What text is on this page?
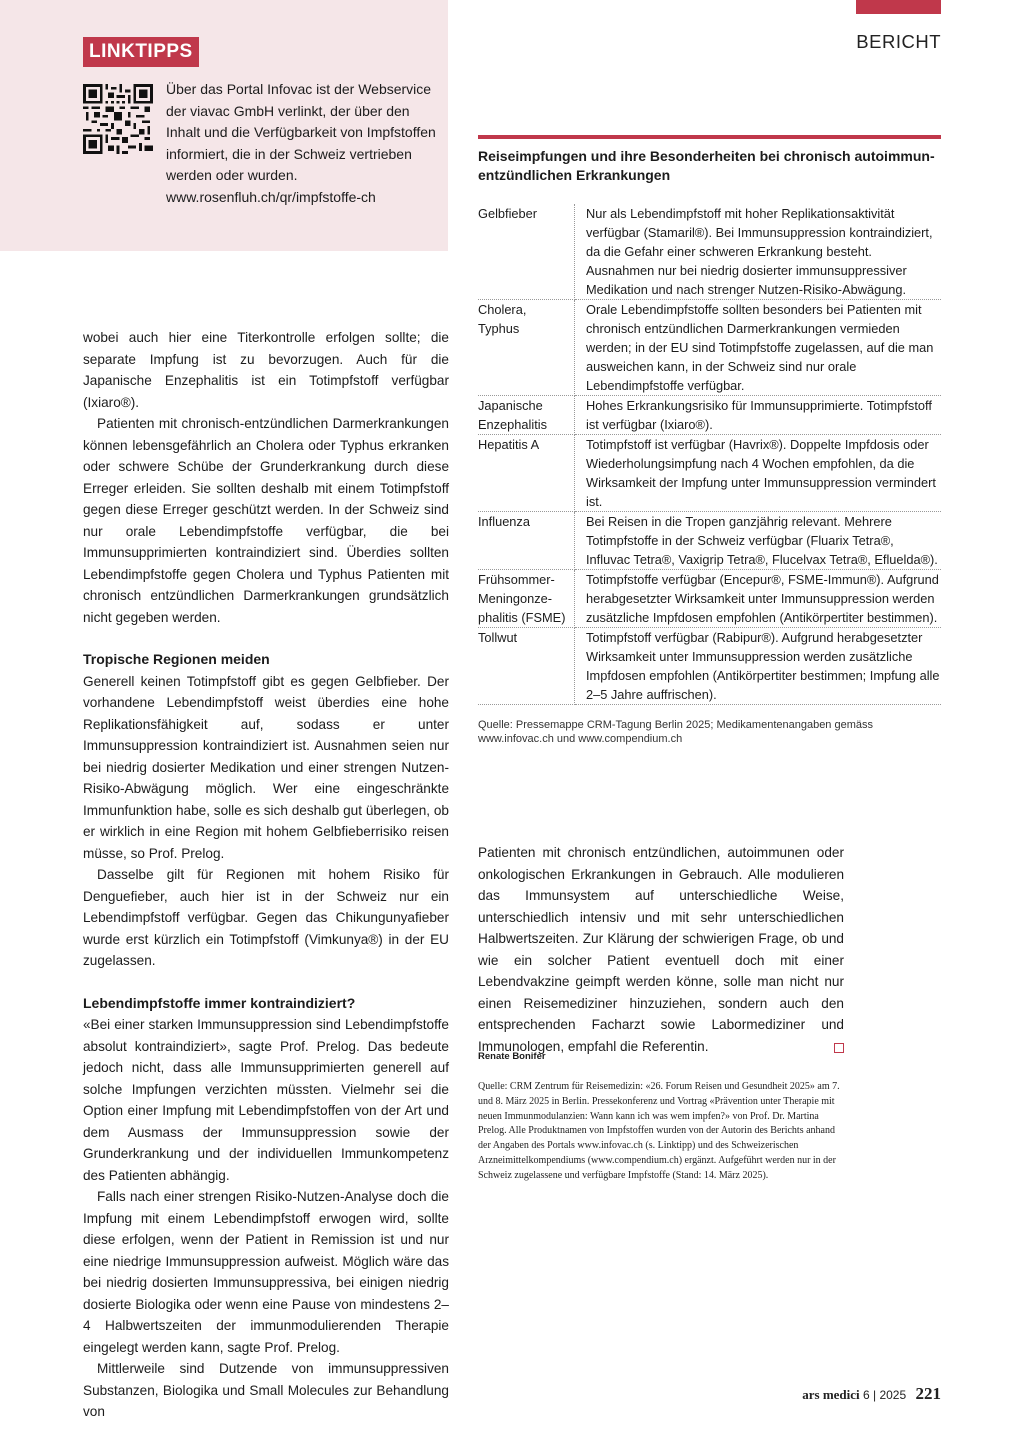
BERICHT
LINKTIPPS

Über das Portal Infovac ist der Webservice der viavac GmbH verlinkt, der über den Inhalt und die Verfügbarkeit von Impfstoffen informiert, die in der Schweiz vertrieben werden oder wurden. www.rosenfluh.ch/qr/impfstoffe-ch

wobei auch hier eine Titerkontrolle erfolgen sollte; die separate Impfung ist zu bevorzugen. Auch für die Japanische Enzephalitis ist ein Totimpfstoff verfügbar (Ixiaro®).

Patienten mit chronisch-entzündlichen Darmerkrankungen können lebensgefährlich an Cholera oder Typhus erkranken oder schwere Schübe der Grunderkrankung durch diese Erreger erleiden. Sie sollten deshalb mit einem Totimpfstoff gegen diese Erreger geschützt werden. In der Schweiz sind nur orale Lebendimpfstoffe verfügbar, die bei Immunsupprimierten kontraindiziert sind. Überdies sollten Lebendimpfstoffe gegen Cholera und Typhus Patienten mit chronisch entzündlichen Darmerkrankungen grundsätzlich nicht gegeben werden.

Tropische Regionen meiden

Generell keinen Totimpfstoff gibt es gegen Gelbfieber. Der vorhandene Lebendimpfstoff weist überdies eine hohe Replikationsfähigkeit auf, sodass er unter Immunsuppression kontraindiziert ist. Ausnahmen seien nur bei niedrig dosierter Medikation und einer strengen Nutzen-Risiko-Abwägung möglich. Wer eine eingeschränkte Immunfunktion habe, solle es sich deshalb gut überlegen, ob er wirklich in eine Region mit hohem Gelbfieberrisiko reisen müsse, so Prof. Prelog.

Dasselbe gilt für Regionen mit hohem Risiko für Denguefieber, auch hier ist in der Schweiz nur ein Lebendimpfstoff verfügbar. Gegen das Chikungunyafieber wurde erst kürzlich ein Totimpfstoff (Vimkunya®) in der EU zugelassen.

Lebendimpfstoffe immer kontraindiziert?

«Bei einer starken Immunsuppression sind Lebendimpfstoffe absolut kontraindiziert», sagte Prof. Prelog. Das bedeute jedoch nicht, dass alle Immunsupprimierten generell auf solche Impfungen verzichten müssten. Vielmehr sei die Option einer Impfung mit Lebendimpfstoffen von der Art und dem Ausmass der Immunsuppression sowie der Grunderkrankung und der individuellen Immunkompetenz des Patienten abhängig.

Falls nach einer strengen Risiko-Nutzen-Analyse doch die Impfung mit einem Lebendimpfstoff erwogen wird, sollte diese erfolgen, wenn der Patient in Remission ist und nur eine niedrige Immunsuppression aufweist. Möglich wäre das bei niedrig dosierten Immunsuppressiva, bei einigen niedrig dosierte Biologika oder wenn eine Pause von mindestens 2–4 Halbwertszeiten der immunmodulierenden Therapie eingelegt werden kann, sagte Prof. Prelog.

Mittlerweile sind Dutzende von immunsuppressiven Substanzen, Biologika und Small Molecules zur Behandlung von

Reiseimpfungen und ihre Besonderheiten bei chronisch autoimmun-entzündlichen Erkrankungen

Gelbfieber	Nur als Lebendimpfstoff mit hoher Replikationsaktivität verfügbar (Stamaril®). Bei Immunsuppression kontraindiziert, da die Gefahr einer schweren Erkrankung besteht. Ausnahmen nur bei niedrig dosierter immunsuppressiver Medikation und nach strenger Nutzen-Risiko-Abwägung.
Cholera, Typhus	Orale Lebendimpfstoffe sollten besonders bei Patienten mit chronisch entzündlichen Darmerkrankungen vermieden werden; in der EU sind Totimpfstoffe zugelassen, auf die man ausweichen kann, in der Schweiz sind nur orale Lebendimpfstoffe verfügbar.
Japanische Enzephalitis	Hohes Erkrankungsrisiko für Immunsupprimierte. Totimpfstoff ist verfügbar (Ixiaro®).
Hepatitis A	Totimpfstoff ist verfügbar (Havrix®). Doppelte Impfdosis oder Wiederholungsimpfung nach 4 Wochen empfohlen, da die Wirksamkeit der Impfung unter Immunsuppression vermindert ist.
Influenza	Bei Reisen in die Tropen ganzjährig relevant. Mehrere Totimpfstoffe in der Schweiz verfügbar (Fluarix Tetra®, Influvac Tetra®, Vaxigrip Tetra®, Flucelvax Tetra®, Efluelda®).
Frühsommer-Meningonze-phalitis (FSME)	Totimpfstoffe verfügbar (Encepur®, FSME-Immun®). Aufgrund herabgesetzter Wirksamkeit unter Immunsuppression werden zusätzliche Impfdosen empfohlen (Antikörpertiter bestimmen).
Tollwut	Totimpfstoff verfügbar (Rabipur®). Aufgrund herabgesetzter Wirksamkeit unter Immunsuppression werden zusätzliche Impfdosen empfohlen (Antikörpertiter bestimmen; Impfung alle 2–5 Jahre auffrischen).

Quelle: Pressemappe CRM-Tagung Berlin 2025; Medikamentenangaben gemäss www.infovac.ch und www.compendium.ch

Patienten mit chronisch entzündlichen, autoimmunen oder onkologischen Erkrankungen in Gebrauch. Alle modulieren das Immunsystem auf unterschiedliche Weise, unterschiedlich intensiv und mit sehr unterschiedlichen Halbwertszeiten. Zur Klärung der schwierigen Frage, ob und wie ein solcher Patient eventuell doch mit einer Lebendvakzine geimpft werden könne, solle man nicht nur einen Reisemediziner hinzuziehen, sondern auch den entsprechenden Facharzt sowie Labormediziner und Immunologen, empfahl die Referentin.

Renate Bonifer

Quelle: CRM Zentrum für Reisemedizin: «26. Forum Reisen und Gesundheit 2025» am 7. und 8. März 2025 in Berlin. Pressekonferenz und Vortrag «Prävention unter Therapie mit neuen Immunmodulanzien: Wann kann ich was wem impfen?» von Prof. Dr. Martina Prelog. Alle Produktnamen von Impfstoffen wurden von der Autorin des Berichts anhand der Angaben des Portals www.infovac.ch (s. Linktipp) und des Schweizerischen Arzneimittelkompendiums (www.compendium.ch) ergänzt. Aufgeführt werden nur in der Schweiz zugelassene und verfügbare Impfstoffe (Stand: 14. März 2025).

ars medici 6 | 2025 221
